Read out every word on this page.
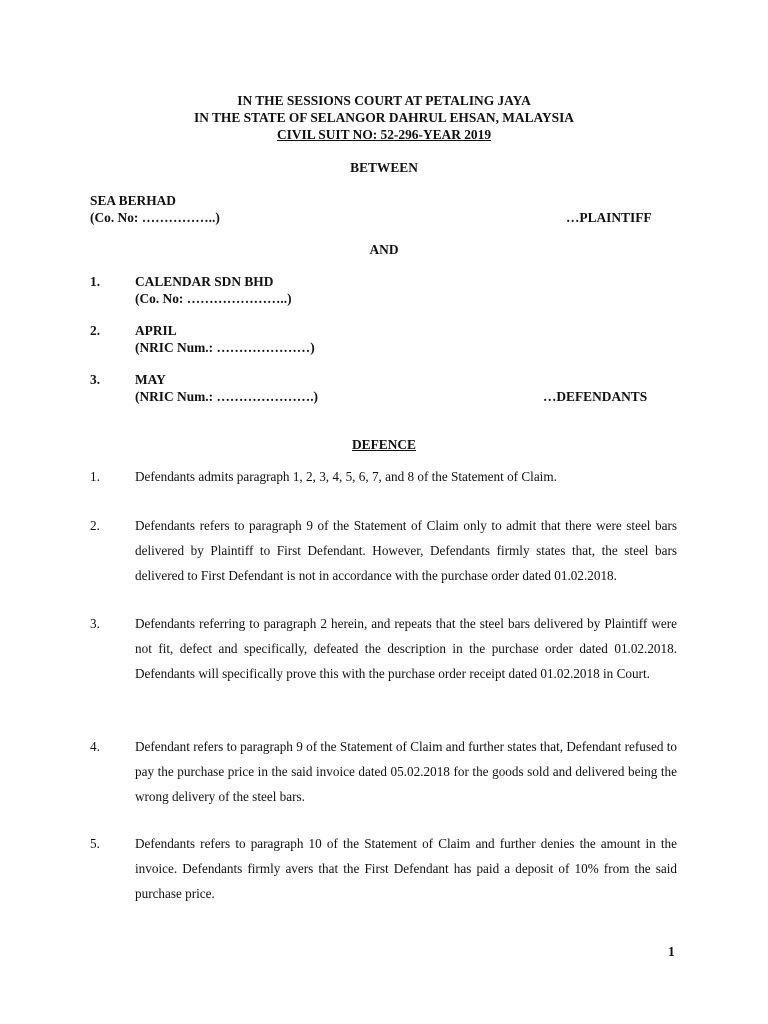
IN THE SESSIONS COURT AT PETALING JAYA
IN THE STATE OF SELANGOR DAHRUL EHSAN, MALAYSIA
CIVIL SUIT NO: 52-296-YEAR 2019
BETWEEN
SEA BERHAD
(Co. No: ……………..)	…PLAINTIFF
AND
1.	CALENDAR SDN BHD
(Co. No: …………………..)
2.	APRIL
(NRIC Num.: …………………)
3.	MAY
(NRIC Num.: ………………….)	…DEFENDANTS
DEFENCE
1.	Defendants admits paragraph 1, 2, 3, 4, 5, 6, 7, and 8 of the Statement of Claim.
2.	Defendants refers to paragraph 9 of the Statement of Claim only to admit that there were steel bars delivered by Plaintiff to First Defendant. However, Defendants firmly states that, the steel bars delivered to First Defendant is not in accordance with the purchase order dated 01.02.2018.
3.	Defendants referring to paragraph 2 herein, and repeats that the steel bars delivered by Plaintiff were not fit, defect and specifically, defeated the description in the purchase order dated 01.02.2018. Defendants will specifically prove this with the purchase order receipt dated 01.02.2018 in Court.
4.	Defendant refers to paragraph 9 of the Statement of Claim and further states that, Defendant refused to pay the purchase price in the said invoice dated 05.02.2018 for the goods sold and delivered being the wrong delivery of the steel bars.
5.	Defendants refers to paragraph 10 of the Statement of Claim and further denies the amount in the invoice. Defendants firmly avers that the First Defendant has paid a deposit of 10% from the said purchase price.
1
